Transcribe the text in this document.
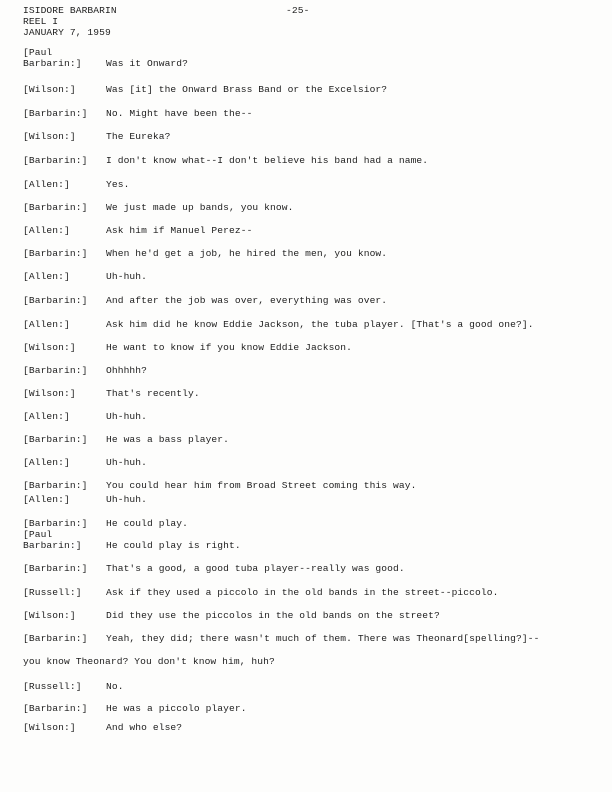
ISIDORE BARBARIN	-25-
REEL I
JANUARY 7, 1959
[Paul
Barbarin:]	Was it Onward?
[Wilson:]	Was [it] the Onward Brass Band or the Excelsior?
[Barbarin:] No. Might have been the--
[Wilson:]	The Eureka?
[Barbarin:] I don't know what--I don't believe his band had a name.
[Allen:]	Yes.
[Barbarin:] We just made up bands, you know.
[Allen:]	Ask him if Manuel Perez--
[Barbarin:] When he'd get a job, he hired the men, you know.
[Allen:]	Uh-huh.
[Barbarin:] And after the job was over, everything was over.
[Allen:]	Ask him did he know Eddie Jackson, the tuba player. [That's a good one?].
[Wilson:]	He want to know if you know Eddie Jackson.
[Barbarin:] Ohhhhh?
[Wilson:]	That's recently.
[Allen:]	Uh-huh.
[Barbarin:] He was a bass player.
[Allen:]	Uh-huh.
[Barbarin:] You could hear him from Broad Street coming this way.
[Allen:]	Uh-huh.
[Barbarin:] He could play.
[Paul
Barbarin:]	He could play is right.
[Barbarin:] That's a good, a good tuba player--really was good.
[Russell:]	Ask if they used a piccolo in the old bands in the street--piccolo.
[Wilson:]	Did they use the piccolos in the old bands on the street?
[Barbarin:] Yeah, they did; there wasn't much of them. There was Theonard[spelling?]--
you know Theonard? You don't know him, huh?
[Russell:]	No.
[Barbarin:] He was a piccolo player.
[Wilson:]	And who else?
